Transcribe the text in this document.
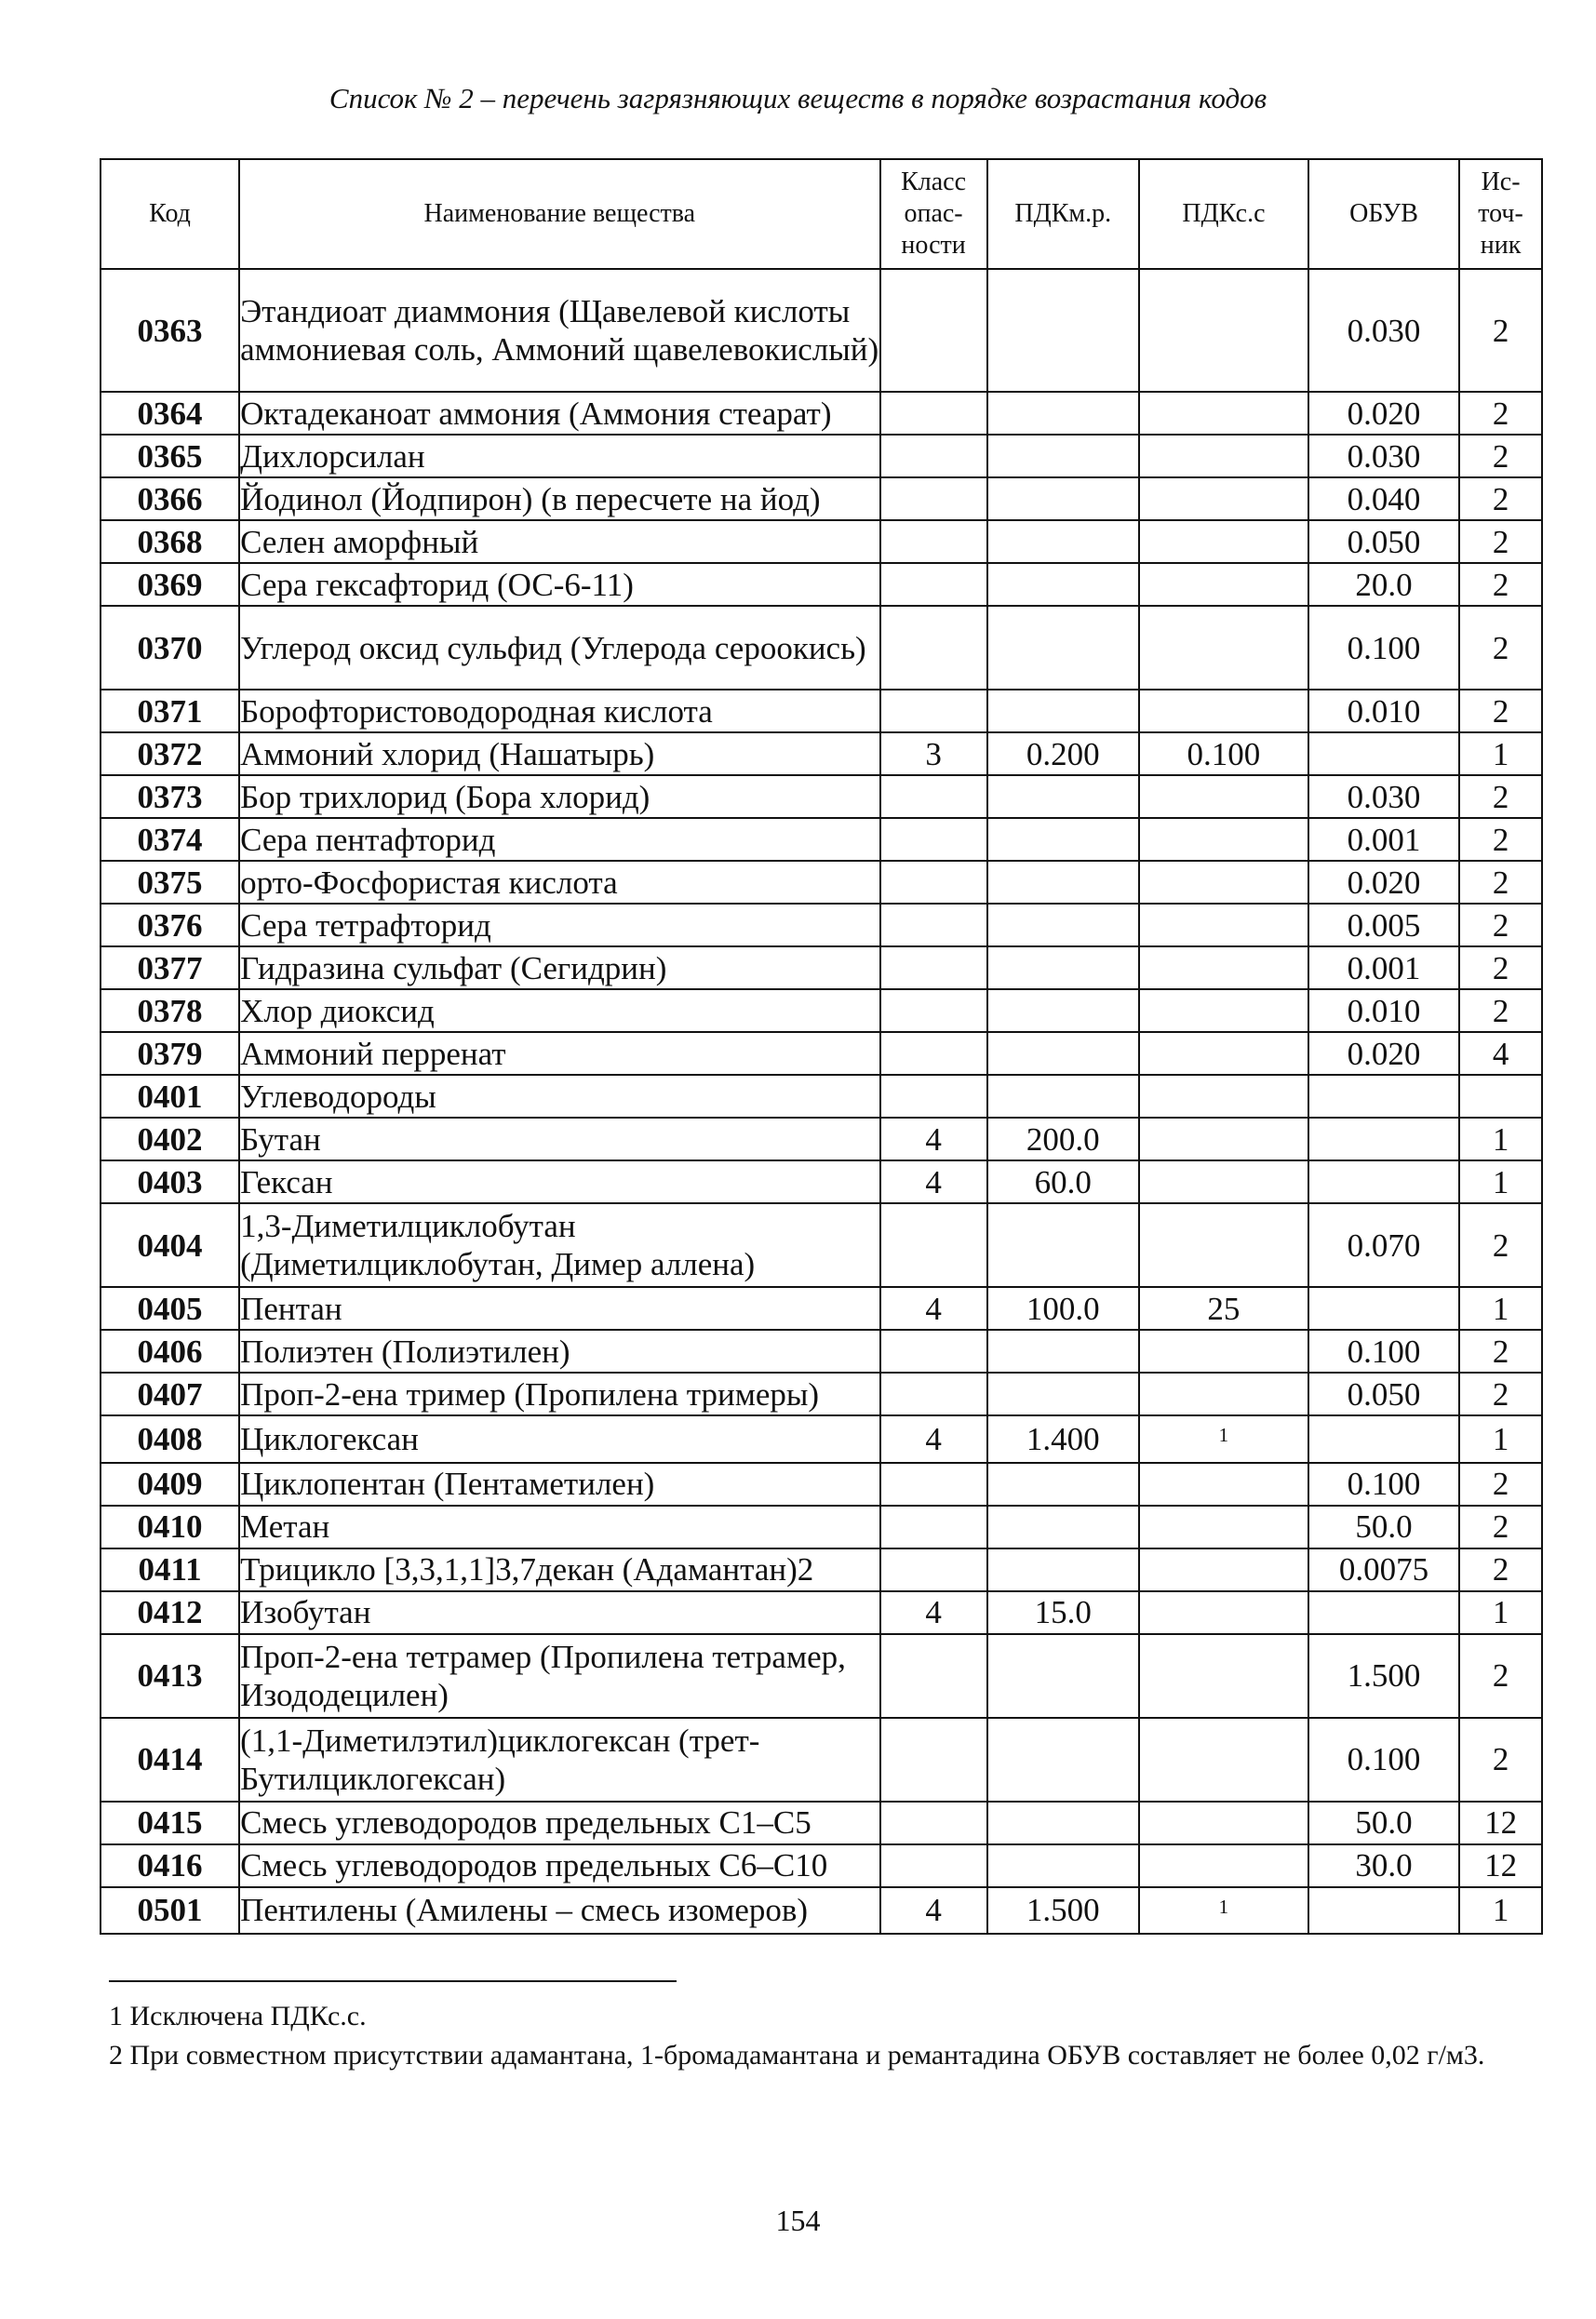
Список № 2 – перечень загрязняющих веществ в порядке возрастания кодов
Код	Наименование вещества	Класс опас-ности	ПДКм.р.	ПДКс.с	ОБУВ	Ис-точ-ник
0363	Этандиоат диаммония (Щавелевой кислоты аммониевая соль, Аммоний щавелевокислый)				0.030	2
0364	Октадеканоат аммония (Аммония стеарат)				0.020	2
0365	Дихлорсилан				0.030	2
0366	Йодинол (Йодпирон) (в пересчете на йод)				0.040	2
0368	Селен аморфный				0.050	2
0369	Сера гексафторид (ОС-6-11)				20.0	2
0370	Углерод оксид сульфид (Углерода сероокись)				0.100	2
0371	Борофтористоводородная кислота				0.010	2
0372	Аммоний хлорид (Нашатырь)	3	0.200	0.100		1
0373	Бор трихлорид (Бора хлорид)				0.030	2
0374	Сера пентафторид				0.001	2
0375	орто-Фосфористая кислота				0.020	2
0376	Сера тетрафторид				0.005	2
0377	Гидразина сульфат (Сегидрин)				0.001	2
0378	Хлор диоксид				0.010	2
0379	Аммоний перренат				0.020	4
0401	Углеводороды					
0402	Бутан	4	200.0			1
0403	Гексан	4	60.0			1
0404	1,3-Диметилциклобутан (Диметилциклобутан, Димер аллена)				0.070	2
0405	Пентан	4	100.0	25		1
0406	Полиэтен (Полиэтилен)				0.100	2
0407	Проп-2-ена тример (Пропилена тримеры)				0.050	2
0408	Циклогексан	4	1.400	$^1$		1
0409	Циклопентан (Пентаметилен)				0.100	2
0410	Метан				50.0	2
0411	Трицикло [3,3,1,1]3,7декан (Адамантан)2				0.0075	2
0412	Изобутан	4	15.0			1
0413	Проп-2-ена тетрамер (Пропилена тетрамер, Изододецилен)				1.500	2
0414	(1,1-Диметилэтил)циклогексан (трет-Бутилциклогексан)				0.100	2
0415	Смесь углеводородов предельных C1–C5				50.0	12
0416	Смесь углеводородов предельных C6–C10				30.0	12
0501	Пентилены (Амилены – смесь изомеров)	4	1.500	$^1$		1

1 Исключена ПДКс.с.

2 При совместном присутствии адамантана, 1-бромадамантана и ремантадина ОБУВ составляет не более 0,02 г/м3.

154
